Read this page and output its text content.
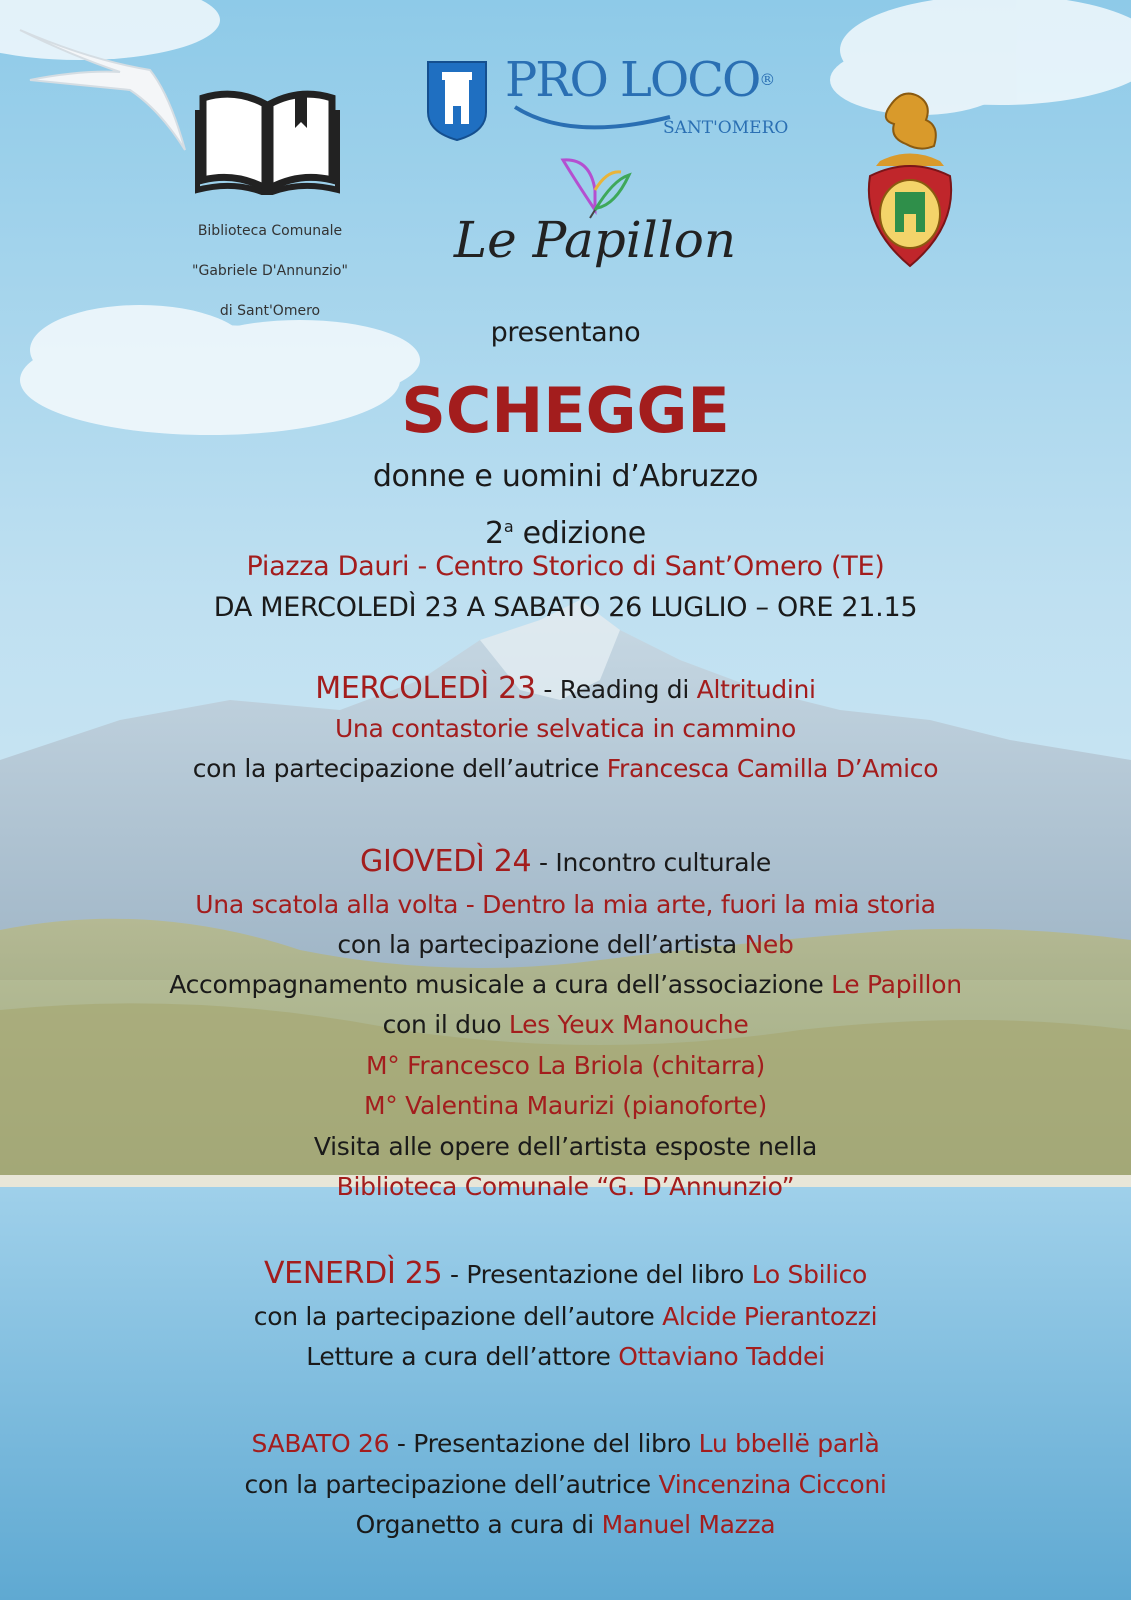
Biblioteca Comunale
"Gabriele D'Annunzio"
di Sant'Omero
PRO LOCO®
SANT'OMERO
Le Papillon
presentano
SCHEGGE
donne e uomini d’Abruzzo
2$^a$ edizione
Piazza Dauri - Centro Storico di Sant’Omero (TE)
DA MERCOLEDÌ 23 A SABATO 26 LUGLIO – ORE 21.15
MERCOLEDÌ 23 - Reading di Altritudini
Una contastorie selvatica in cammino
con la partecipazione dell’autrice Francesca Camilla D’Amico
GIOVEDÌ 24 - Incontro culturale
Una scatola alla volta - Dentro la mia arte, fuori la mia storia
con la partecipazione dell’artista Neb
Accompagnamento musicale a cura dell’associazione Le Papillon
con il duo Les Yeux Manouche
M° Francesco La Briola (chitarra)
M° Valentina Maurizi (pianoforte)
Visita alle opere dell’artista esposte nella
Biblioteca Comunale “G. D’Annunzio”
VENERDÌ 25 - Presentazione del libro Lo Sbilico
con la partecipazione dell’autore Alcide Pierantozzi
Letture a cura dell’attore Ottaviano Taddei
SABATO 26 - Presentazione del libro Lu bbellë parlà
con la partecipazione dell’autrice Vincenzina Cicconi
Organetto a cura di Manuel Mazza
